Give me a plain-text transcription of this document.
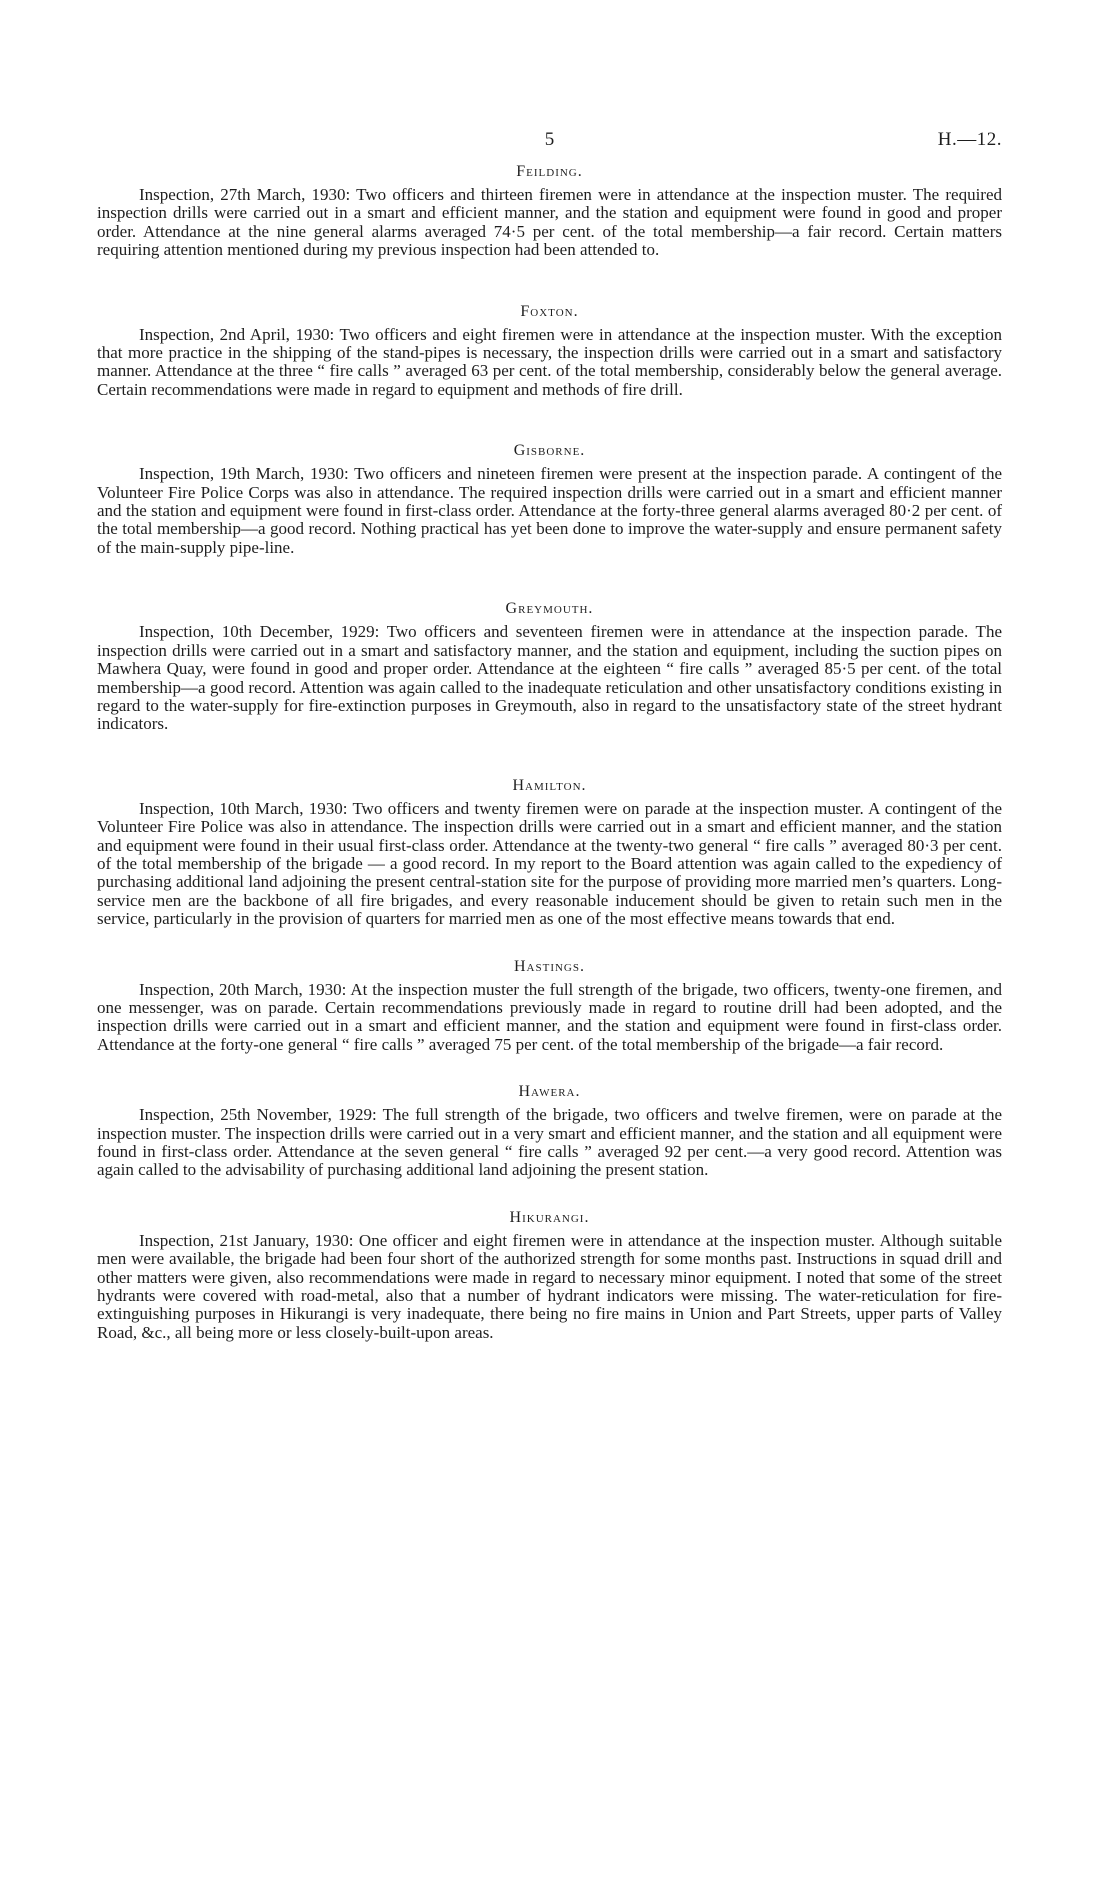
5	H.—12.
Feilding.

Inspection, 27th March, 1930: Two officers and thirteen firemen were in attendance at the inspection muster. The required inspection drills were carried out in a smart and efficient manner, and the station and equipment were found in good and proper order. Attendance at the nine general alarms averaged 74·5 per cent. of the total membership—a fair record. Certain matters requiring attention mentioned during my previous inspection had been attended to.

Foxton.

Inspection, 2nd April, 1930: Two officers and eight firemen were in attendance at the inspection muster. With the exception that more practice in the shipping of the stand-pipes is necessary, the inspection drills were carried out in a smart and satisfactory manner. Attendance at the three “ fire calls ” averaged 63 per cent. of the total membership, considerably below the general average. Certain recommendations were made in regard to equipment and methods of fire drill.

Gisborne.

Inspection, 19th March, 1930: Two officers and nineteen firemen were present at the inspection parade. A contingent of the Volunteer Fire Police Corps was also in attendance. The required inspection drills were carried out in a smart and efficient manner and the station and equipment were found in first-class order. Attendance at the forty-three general alarms averaged 80·2 per cent. of the total membership—a good record. Nothing practical has yet been done to improve the water-supply and ensure permanent safety of the main-supply pipe-line.

Greymouth.

Inspection, 10th December, 1929: Two officers and seventeen firemen were in attendance at the inspection parade. The inspection drills were carried out in a smart and satisfactory manner, and the station and equipment, including the suction pipes on Mawhera Quay, were found in good and proper order. Attendance at the eighteen “ fire calls ” averaged 85·5 per cent. of the total membership—a good record. Attention was again called to the inadequate reticulation and other unsatisfactory conditions existing in regard to the water-supply for fire-extinction purposes in Greymouth, also in regard to the unsatisfactory state of the street hydrant indicators.

Hamilton.

Inspection, 10th March, 1930: Two officers and twenty firemen were on parade at the inspection muster. A contingent of the Volunteer Fire Police was also in attendance. The inspection drills were carried out in a smart and efficient manner, and the station and equipment were found in their usual first-class order. Attendance at the twenty-two general “ fire calls ” averaged 80·3 per cent. of the total membership of the brigade — a good record. In my report to the Board attention was again called to the expediency of purchasing additional land adjoining the present central-station site for the purpose of providing more married men’s quarters. Long-service men are the backbone of all fire brigades, and every reasonable inducement should be given to retain such men in the service, particularly in the provision of quarters for married men as one of the most effective means towards that end.

Hastings.

Inspection, 20th March, 1930: At the inspection muster the full strength of the brigade, two officers, twenty-one firemen, and one messenger, was on parade. Certain recommendations previously made in regard to routine drill had been adopted, and the inspection drills were carried out in a smart and efficient manner, and the station and equipment were found in first-class order. Attendance at the forty-one general “ fire calls ” averaged 75 per cent. of the total membership of the brigade—a fair record.

Hawera.

Inspection, 25th November, 1929: The full strength of the brigade, two officers and twelve firemen, were on parade at the inspection muster. The inspection drills were carried out in a very smart and efficient manner, and the station and all equipment were found in first-class order. Attendance at the seven general “ fire calls ” averaged 92 per cent.—a very good record. Attention was again called to the advisability of purchasing additional land adjoining the present station.

Hikurangi.

Inspection, 21st January, 1930: One officer and eight firemen were in attendance at the inspection muster. Although suitable men were available, the brigade had been four short of the authorized strength for some months past. Instructions in squad drill and other matters were given, also recommendations were made in regard to necessary minor equipment. I noted that some of the street hydrants were covered with road-metal, also that a number of hydrant indicators were missing. The water-reticulation for fire-extinguishing purposes in Hikurangi is very inadequate, there being no fire mains in Union and Part Streets, upper parts of Valley Road, &c., all being more or less closely-built-upon areas.
